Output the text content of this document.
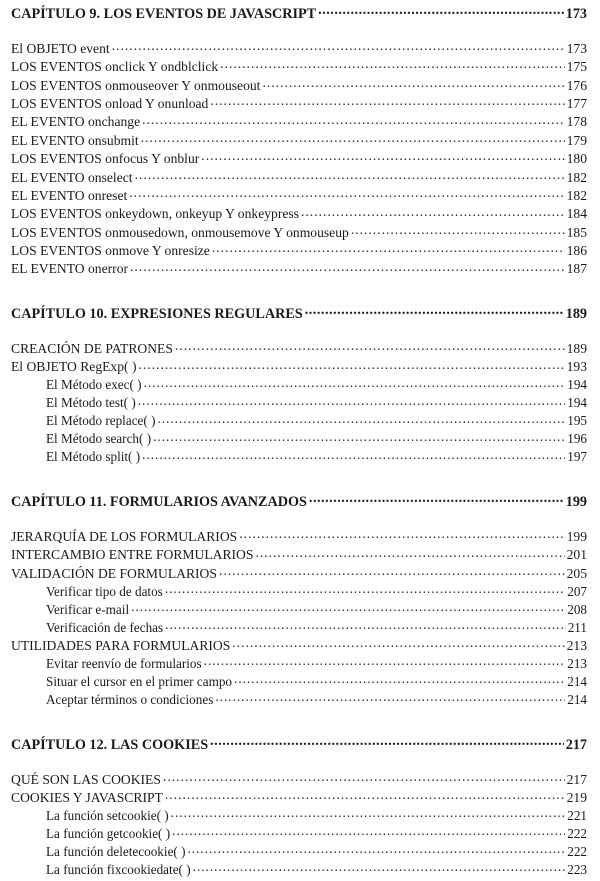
CAPÍTULO 9. LOS EVENTOS DE JAVASCRIPT .....	173
El OBJETO event .....	173
LOS EVENTOS onclick Y ondblclick .....	175
LOS EVENTOS onmouseover Y onmouseout .....	176
LOS EVENTOS onload Y onunload .....	177
EL EVENTO onchange .....	178
EL EVENTO onsubmit .....	179
LOS EVENTOS onfocus Y onblur .....	180
EL EVENTO onselect .....	182
EL EVENTO onreset .....	182
LOS EVENTOS onkeydown, onkeyup Y onkeypress .....	184
LOS EVENTOS onmousedown, onmousemove Y onmouseup .....	185
LOS EVENTOS onmove Y onresize .....	186
EL EVENTO onerror .....	187
CAPÍTULO 10. EXPRESIONES REGULARES .....	189
CREACIÓN DE PATRONES .....	189
El OBJETO RegExp( ) .....	193
El Método exec( ) .....	194
El Método test( ) .....	194
El Método replace( ) .....	195
El Método search( ) .....	196
El Método split( ) .....	197
CAPÍTULO 11. FORMULARIOS AVANZADOS .....	199
JERARQUÍA DE LOS FORMULARIOS .....	199
INTERCAMBIO ENTRE FORMULARIOS .....	201
VALIDACIÓN DE FORMULARIOS .....	205
Verificar tipo de datos .....	207
Verificar e-mail .....	208
Verificación de fechas .....	211
UTILIDADES PARA FORMULARIOS .....	213
Evitar reenvío de formularios .....	213
Situar el cursor en el primer campo .....	214
Aceptar términos o condiciones .....	214
CAPÍTULO 12. LAS COOKIES .....	217
QUÉ SON LAS COOKIES .....	217
COOKIES Y JAVASCRIPT .....	219
La función setcookie( ) .....	221
La función getcookie( ) .....	222
La función deletecookie( ) .....	222
La función fixcookiedate( ) .....	223
